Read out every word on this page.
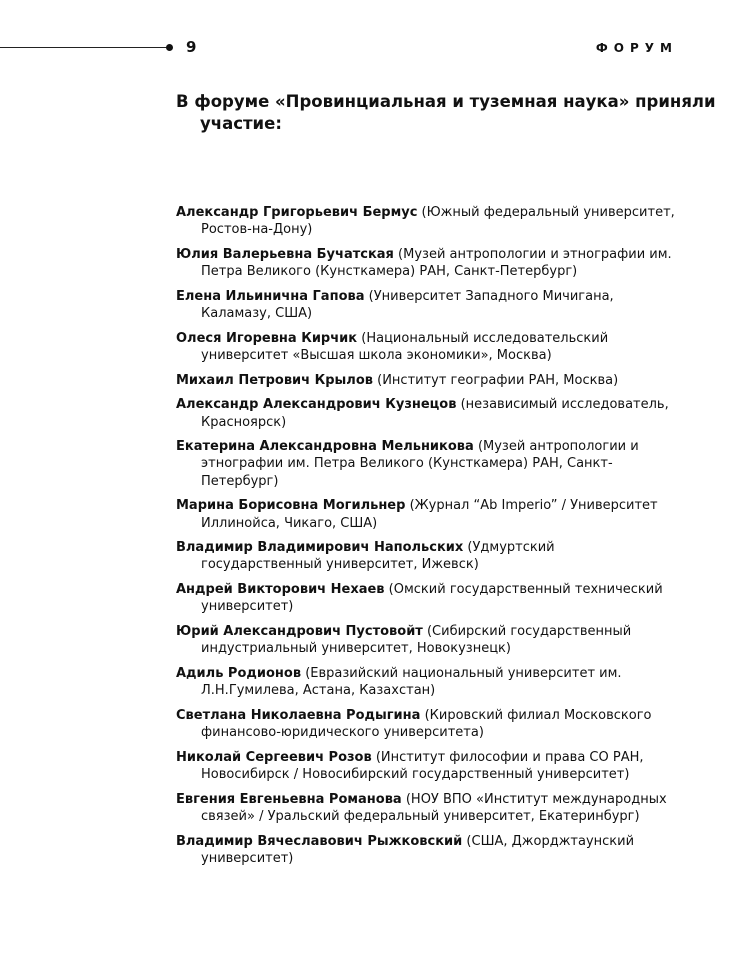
9	ФОРУМ
В форуме «Провинциальная и туземная наука» приняли участие:
Александр Григорьевич Бермус (Южный федеральный университет, Ростов-на-Дону)
Юлия Валерьевна Бучатская (Музей антропологии и этнографии им. Петра Великого (Кунсткамера) РАН, Санкт-Петербург)
Елена Ильинична Гапова (Университет Западного Мичигана, Каламазу, США)
Олеся Игоревна Кирчик (Национальный исследовательский университет «Высшая школа экономики», Москва)
Михаил Петрович Крылов (Институт географии РАН, Москва)
Александр Александрович Кузнецов (независимый исследователь, Красноярск)
Екатерина Александровна Мельникова (Музей антропологии и этнографии им. Петра Великого (Кунсткамера) РАН, Санкт-Петербург)
Марина Борисовна Могильнер (Журнал “Ab Imperio” / Университет Иллинойса, Чикаго, США)
Владимир Владимирович Напольских (Удмуртский государственный университет, Ижевск)
Андрей Викторович Нехаев (Омский государственный технический университет)
Юрий Александрович Пустовойт (Сибирский государственный индустриальный университет, Новокузнецк)
Адиль Родионов (Евразийский национальный университет им. Л.Н.Гумилева, Астана, Казахстан)
Светлана Николаевна Родыгина (Кировский филиал Московского финансово-юридического университета)
Николай Сергеевич Розов (Институт философии и права СО РАН, Новосибирск / Новосибирский государственный университет)
Евгения Евгеньевна Романова (НОУ ВПО «Институт международных связей» / Уральский федеральный университет, Екатеринбург)
Владимир Вячеславович Рыжковский (США, Джорджтаунский университет)
